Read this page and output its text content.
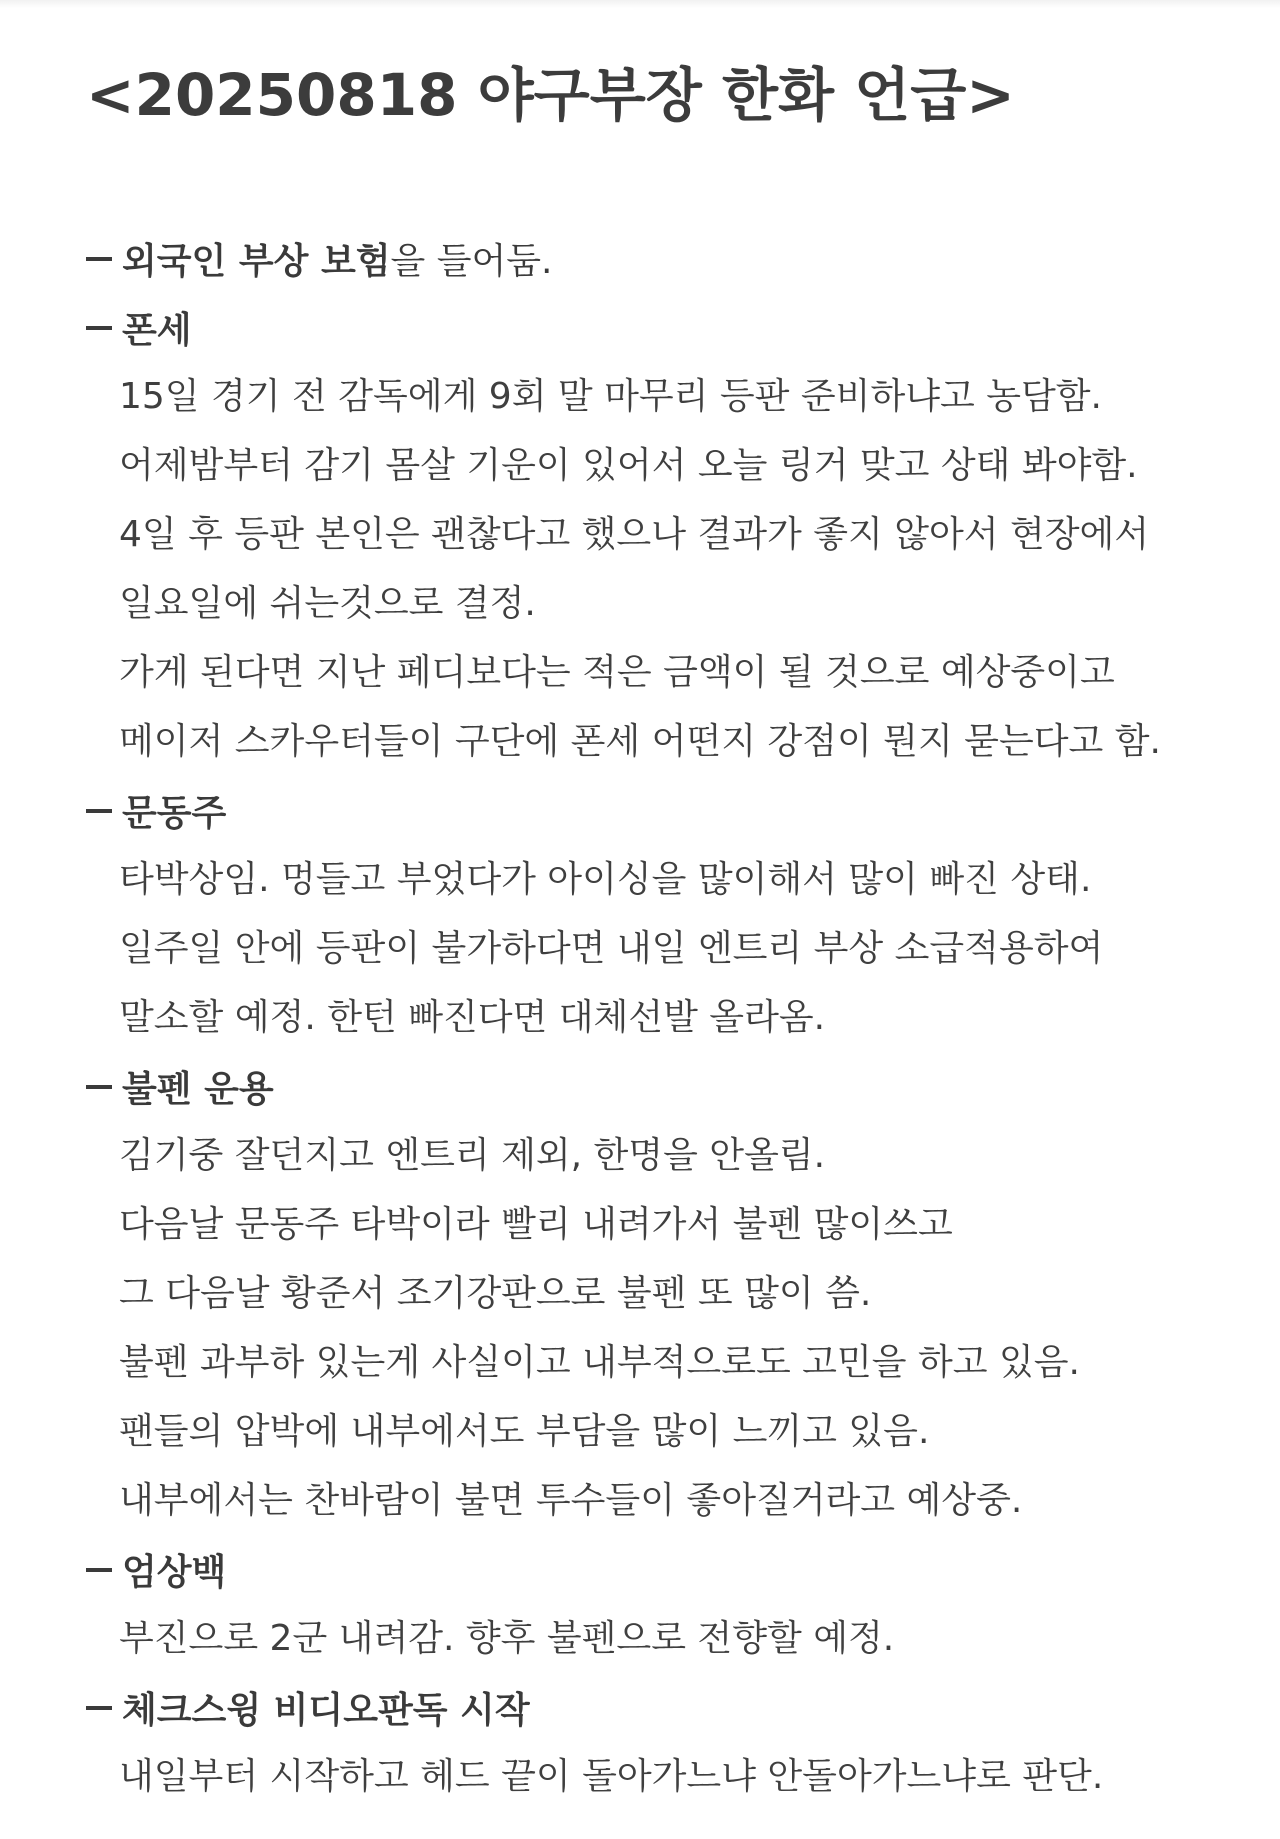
<20250818 야구부장 한화 언급>
외국인 부상 보험 을 들어둠.
폰세
15일 경기 전 감독에게 9회 말 마무리 등판 준비하냐고 농담함.
어제밤부터 감기 몸살 기운이 있어서 오늘 링거 맞고 상태 봐야함.
4일 후 등판 본인은 괜찮다고 했으나 결과가 좋지 않아서 현장에서
일요일에 쉬는것으로 결정.
가게 된다면 지난 페디보다는 적은 금액이 될 것으로 예상중이고
메이저 스카우터들이 구단에 폰세 어떤지 강점이 뭔지 묻는다고 함.
문동주
타박상임. 멍들고 부었다가 아이싱을 많이해서 많이 빠진 상태.
일주일 안에 등판이 불가하다면 내일 엔트리 부상 소급적용하여
말소할 예정. 한턴 빠진다면 대체선발 올라옴.
불펜 운용
김기중 잘던지고 엔트리 제외, 한명을 안올림.
다음날 문동주 타박이라 빨리 내려가서 불펜 많이쓰고
그 다음날 황준서 조기강판으로 불펜 또 많이 씀.
불펜 과부하 있는게 사실이고 내부적으로도 고민을 하고 있음.
팬들의 압박에 내부에서도 부담을 많이 느끼고 있음.
내부에서는 찬바람이 불면 투수들이 좋아질거라고 예상중.
엄상백
부진으로 2군 내려감. 향후 불펜으로 전향할 예정.
체크스윙 비디오판독 시작
내일부터 시작하고 헤드 끝이 돌아가느냐 안돌아가느냐로 판단.
